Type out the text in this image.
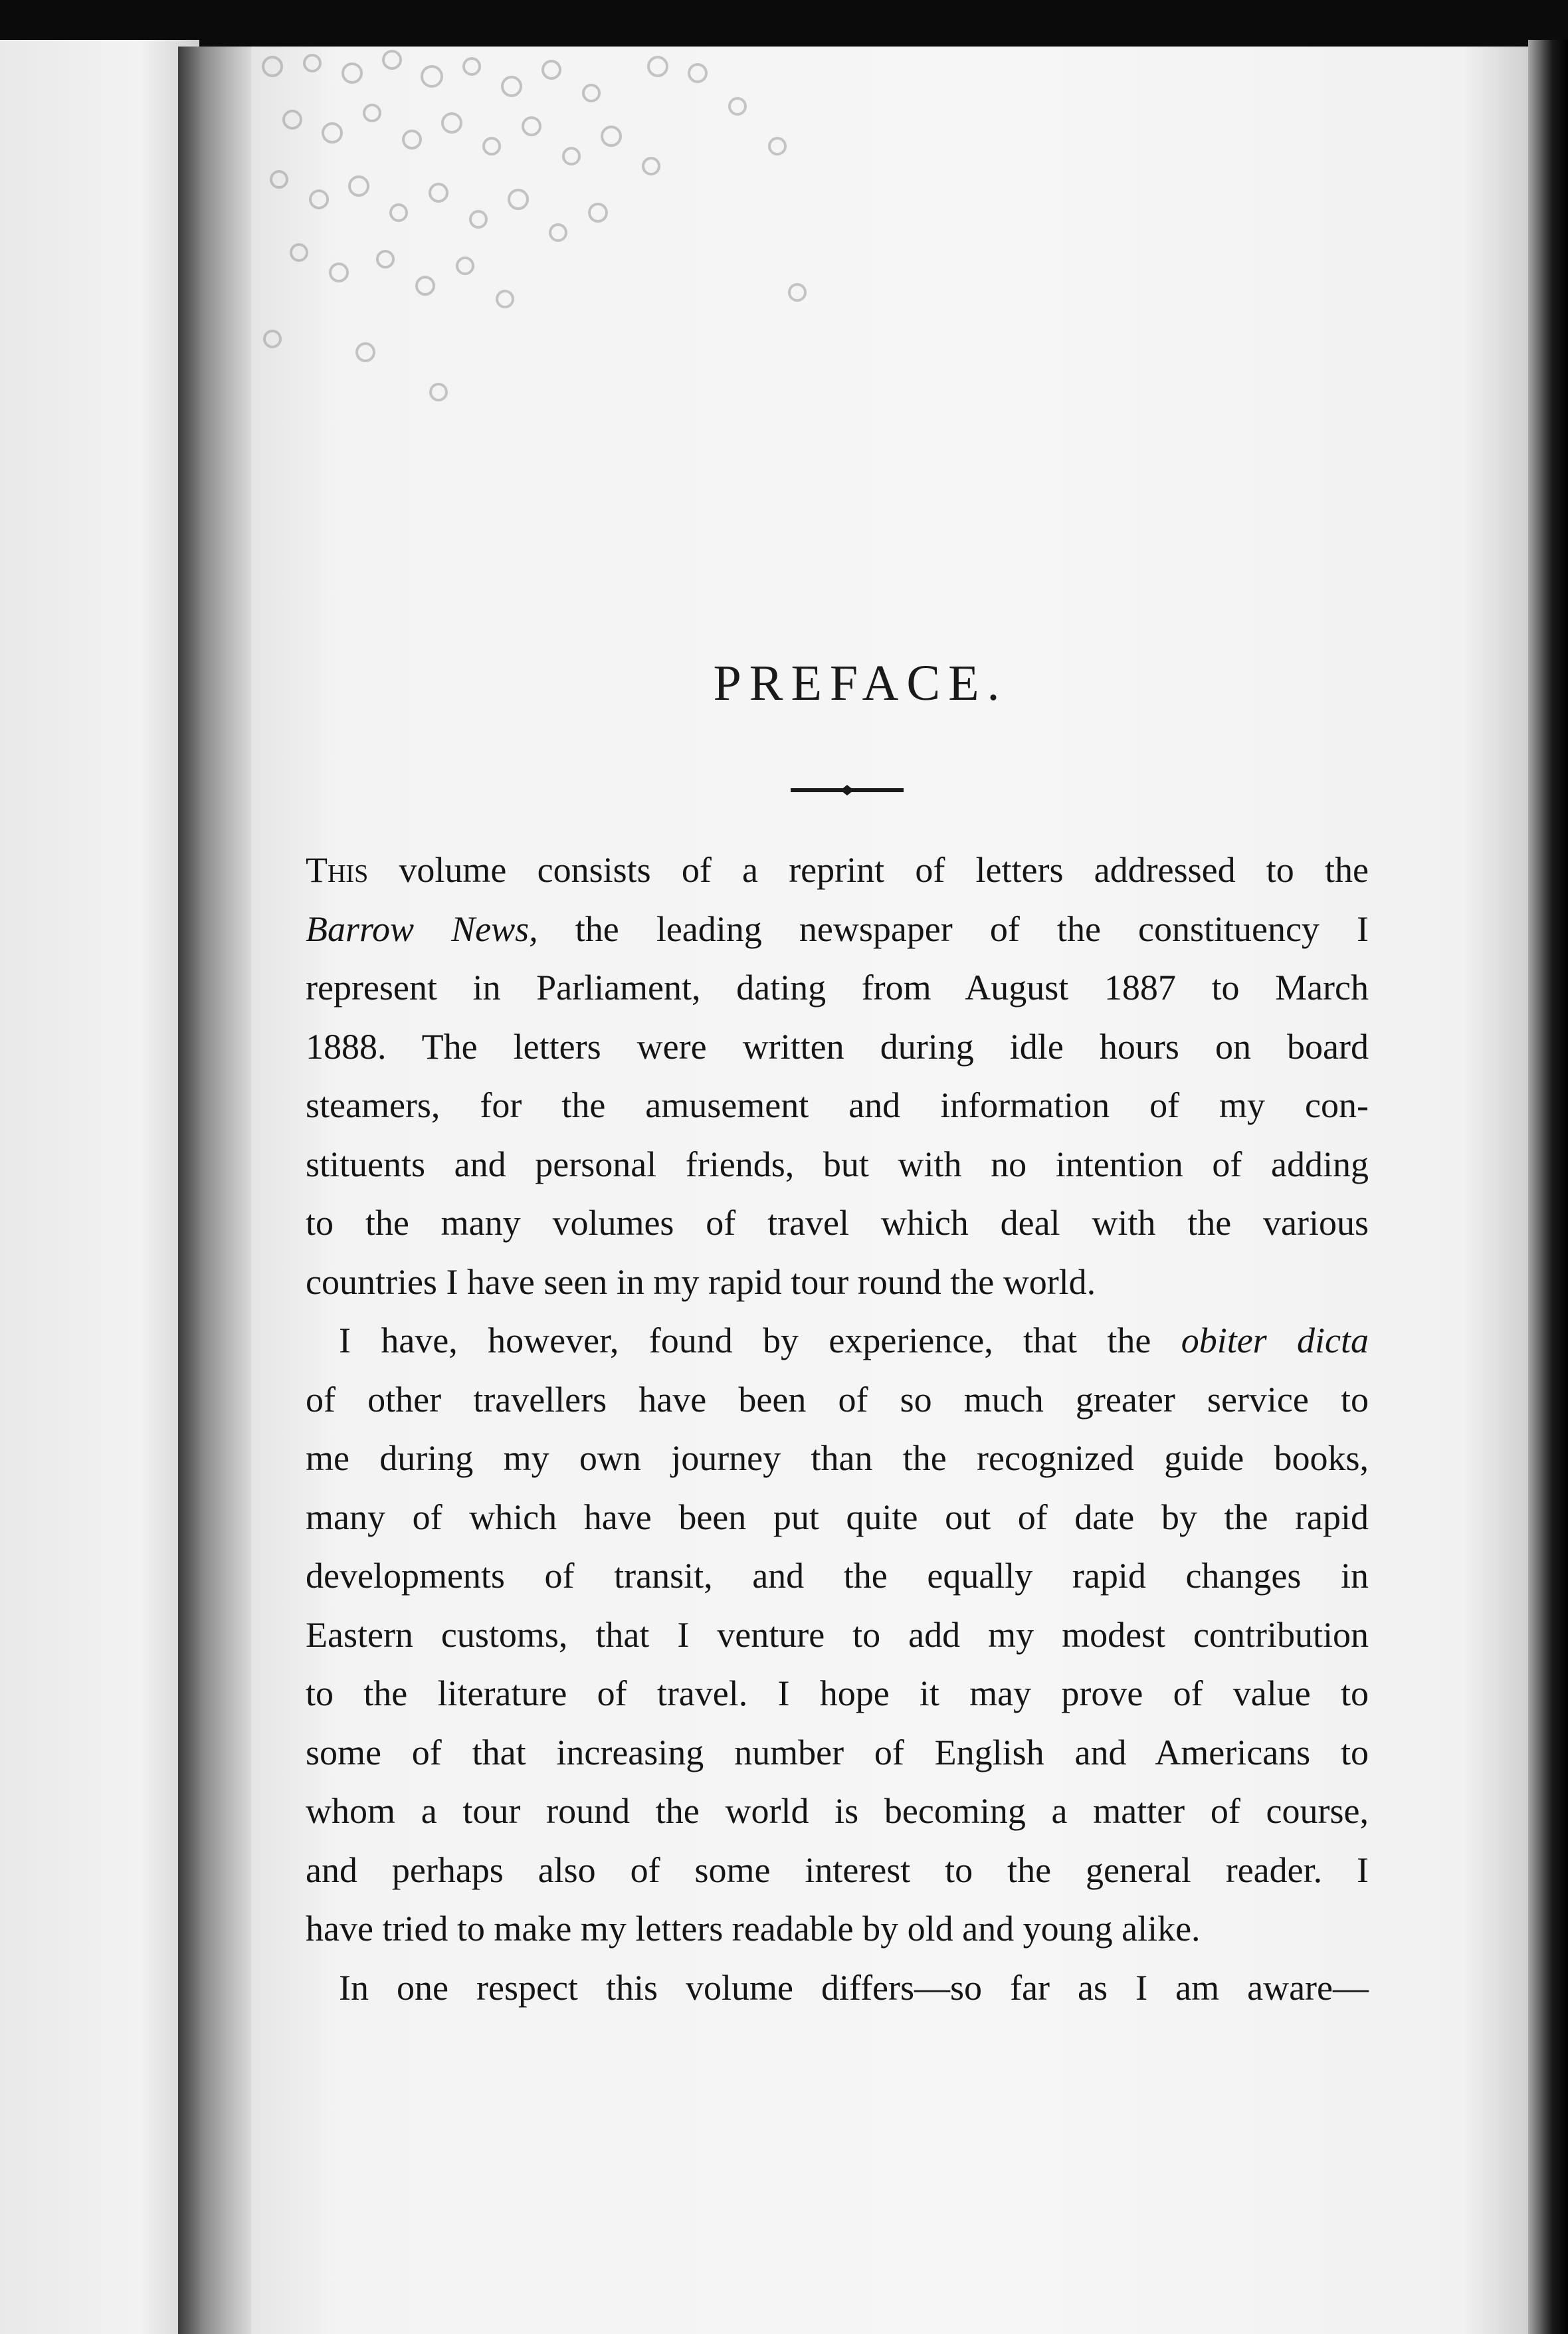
PREFACE.
This volume consists of a reprint of letters addressed to the
Barrow News, the leading newspaper of the constituency I
represent in Parliament, dating from August 1887 to March
1888. The letters were written during idle hours on board
steamers, for the amusement and information of my con-
stituents and personal friends, but with no intention of adding
to the many volumes of travel which deal with the various
countries I have seen in my rapid tour round the world.
I have, however, found by experience, that the obiter dicta
of other travellers have been of so much greater service to
me during my own journey than the recognized guide books,
many of which have been put quite out of date by the rapid
developments of transit, and the equally rapid changes in
Eastern customs, that I venture to add my modest contribution
to the literature of travel. I hope it may prove of value to
some of that increasing number of English and Americans to
whom a tour round the world is becoming a matter of course,
and perhaps also of some interest to the general reader. I
have tried to make my letters readable by old and young alike.
In one respect this volume differs—so far as I am aware—
